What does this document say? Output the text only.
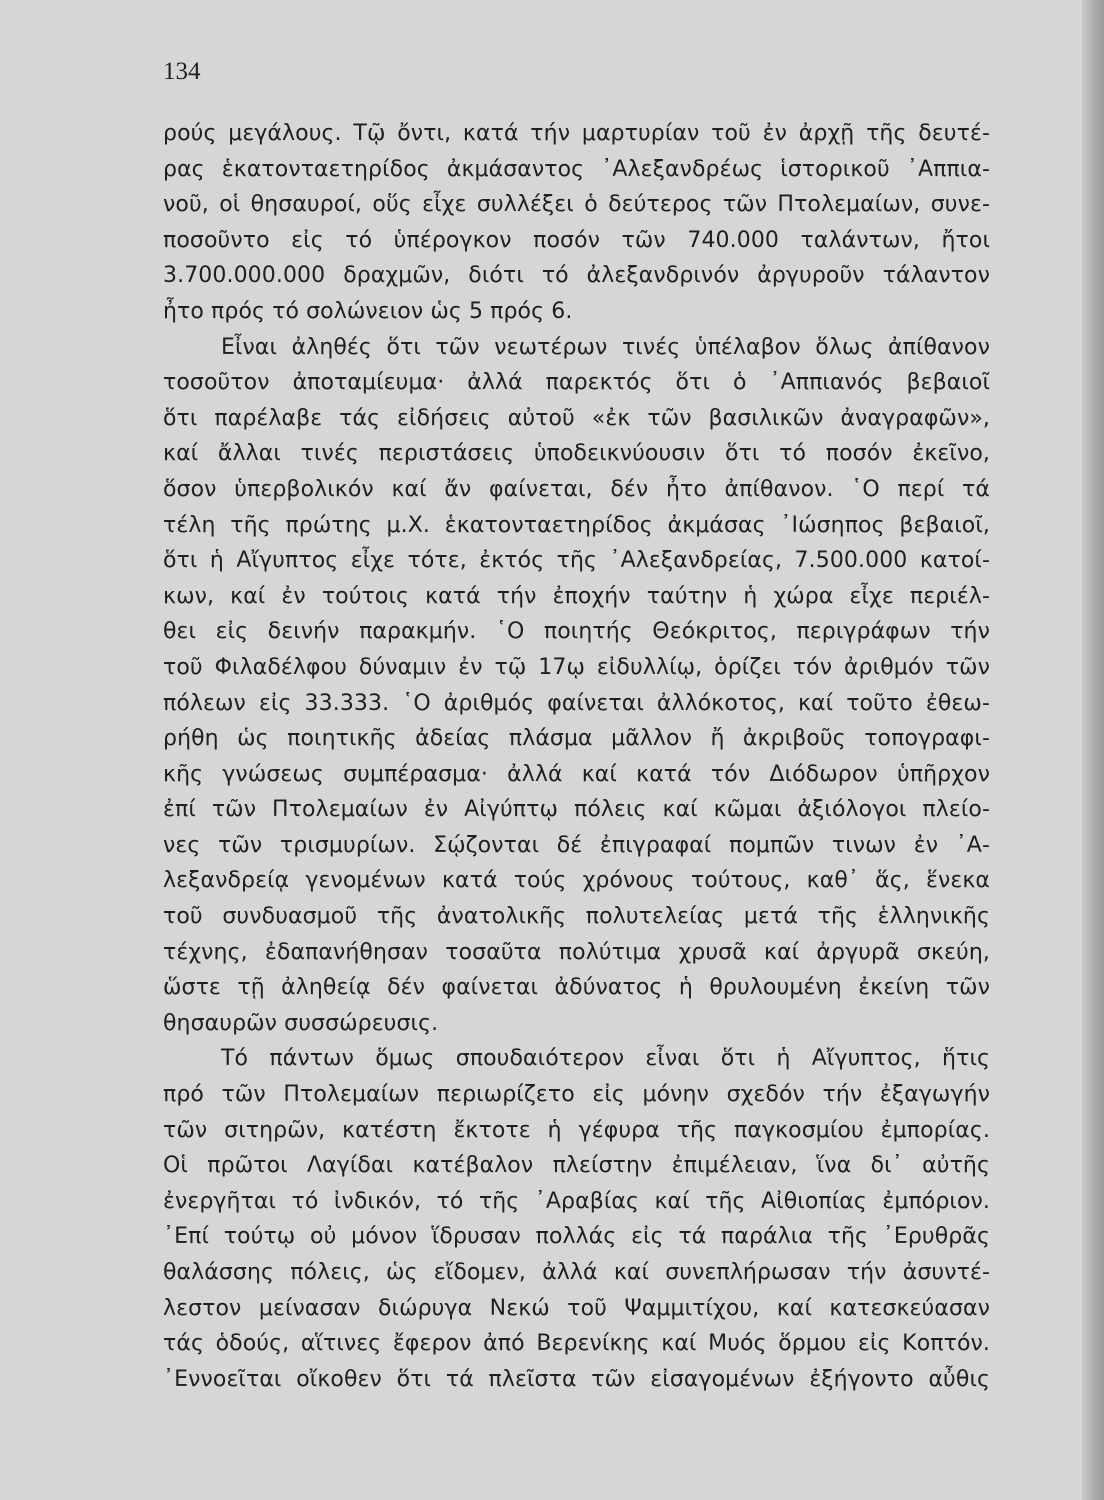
134
ρούς μεγάλους. Τῷ ὄντι, κατά τήν μαρτυρίαν τοῦ ἐν ἀρχῇ τῆς δευτέ-
ρας ἑκατονταετηρίδος ἀκμάσαντος ᾿Αλεξανδρέως ἱστορικοῦ ᾿Αππια-
νοῦ, οἱ θησαυροί, οὕς εἶχε συλλέξει ὁ δεύτερος τῶν Πτολεμαίων, συνε-
ποσοῦντο εἰς τό ὑπέρογκον ποσόν τῶν 740.000 ταλάντων, ἤτοι
3.700.000.000 δραχμῶν, διότι τό ἀλεξανδρινόν ἀργυροῦν τάλαντον
ἦτο πρός τό σολώνειον ὡς 5 πρός 6.
Εἶναι ἀληθές ὅτι τῶν νεωτέρων τινές ὑπέλαβον ὅλως ἀπίθανον
τοσοῦτον ἀποταμίευμα· ἀλλά παρεκτός ὅτι ὁ ᾿Αππιανός βεβαιοῖ
ὅτι παρέλαβε τάς εἰδήσεις αὐτοῦ «ἐκ τῶν βασιλικῶν ἀναγραφῶν»,
καί ἄλλαι τινές περιστάσεις ὑποδεικνύουσιν ὅτι τό ποσόν ἐκεῖνο,
ὅσον ὑπερβολικόν καί ἄν φαίνεται, δέν ἦτο ἀπίθανον. ῾Ο περί τά
τέλη τῆς πρώτης μ.Χ. ἑκατονταετηρίδος ἀκμάσας ᾿Ιώσηπος βεβαιοῖ,
ὅτι ἡ Αἴγυπτος εἶχε τότε, ἐκτός τῆς ᾿Αλεξανδρείας, 7.500.000 κατοί-
κων, καί ἐν τούτοις κατά τήν ἐποχήν ταύτην ἡ χώρα εἶχε περιέλ-
θει εἰς δεινήν παρακμήν. ῾Ο ποιητής Θεόκριτος, περιγράφων τήν
τοῦ Φιλαδέλφου δύναμιν ἐν τῷ 17ῳ εἰδυλλίῳ, ὁρίζει τόν ἀριθμόν τῶν
πόλεων εἰς 33.333. ῾Ο ἀριθμός φαίνεται ἀλλόκοτος, καί τοῦτο ἐθεω-
ρήθη ὡς ποιητικῆς ἀδείας πλάσμα μᾶλλον ἤ ἀκριβοῦς τοπογραφι-
κῆς γνώσεως συμπέρασμα· ἀλλά καί κατά τόν Διόδωρον ὑπῆρχον
ἐπί τῶν Πτολεμαίων ἐν Αἰγύπτῳ πόλεις καί κῶμαι ἀξιόλογοι πλείο-
νες τῶν τρισμυρίων. Σῴζονται δέ ἐπιγραφαί πομπῶν τινων ἐν ᾿Α-
λεξανδρείᾳ γενομένων κατά τούς χρόνους τούτους, καθ᾿ ἅς, ἕνεκα
τοῦ συνδυασμοῦ τῆς ἀνατολικῆς πολυτελείας μετά τῆς ἑλληνικῆς
τέχνης, ἐδαπανήθησαν τοσαῦτα πολύτιμα χρυσᾶ καί ἀργυρᾶ σκεύη,
ὥστε τῇ ἀληθείᾳ δέν φαίνεται ἀδύνατος ἡ θρυλουμένη ἐκείνη τῶν
θησαυρῶν συσσώρευσις.
Τό πάντων ὅμως σπουδαιότερον εἶναι ὅτι ἡ Αἴγυπτος, ἥτις
πρό τῶν Πτολεμαίων περιωρίζετο εἰς μόνην σχεδόν τήν ἐξαγωγήν
τῶν σιτηρῶν, κατέστη ἔκτοτε ἡ γέφυρα τῆς παγκοσμίου ἐμπορίας.
Οἱ πρῶτοι Λαγίδαι κατέβαλον πλείστην ἐπιμέλειαν, ἵνα δι᾿ αὐτῆς
ἐνεργῆται τό ἰνδικόν, τό τῆς ᾿Αραβίας καί τῆς Αἰθιοπίας ἐμπόριον.
᾿Επί τούτῳ οὐ μόνον ἵδρυσαν πολλάς εἰς τά παράλια τῆς ᾿Ερυθρᾶς
θαλάσσης πόλεις, ὡς εἴδομεν, ἀλλά καί συνεπλήρωσαν τήν ἀσυντέ-
λεστον μείνασαν διώρυγα Νεκώ τοῦ Ψαμμιτίχου, καί κατεσκεύασαν
τάς ὁδούς, αἵτινες ἔφερον ἀπό Βερενίκης καί Μυός ὅρμου εἰς Κοπτόν.
᾿Εννοεῖται οἴκοθεν ὅτι τά πλεῖστα τῶν εἰσαγομένων ἐξήγοντο αὖθις
